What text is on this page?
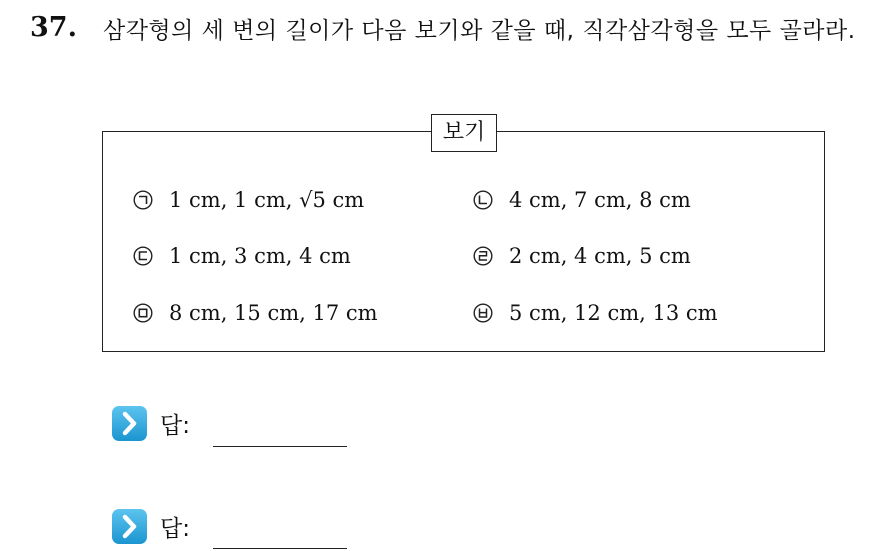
37. 삼각형의 세 변의 길이가 다음 보기와 같을 때, 직각삼각형을 모두 골라라.
보기
1 cm, 1 cm, √5 cm	4 cm, 7 cm, 8 cm
1 cm, 3 cm, 4 cm	2 cm, 4 cm, 5 cm
8 cm, 15 cm, 17 cm	5 cm, 12 cm, 13 cm
답:
답:
